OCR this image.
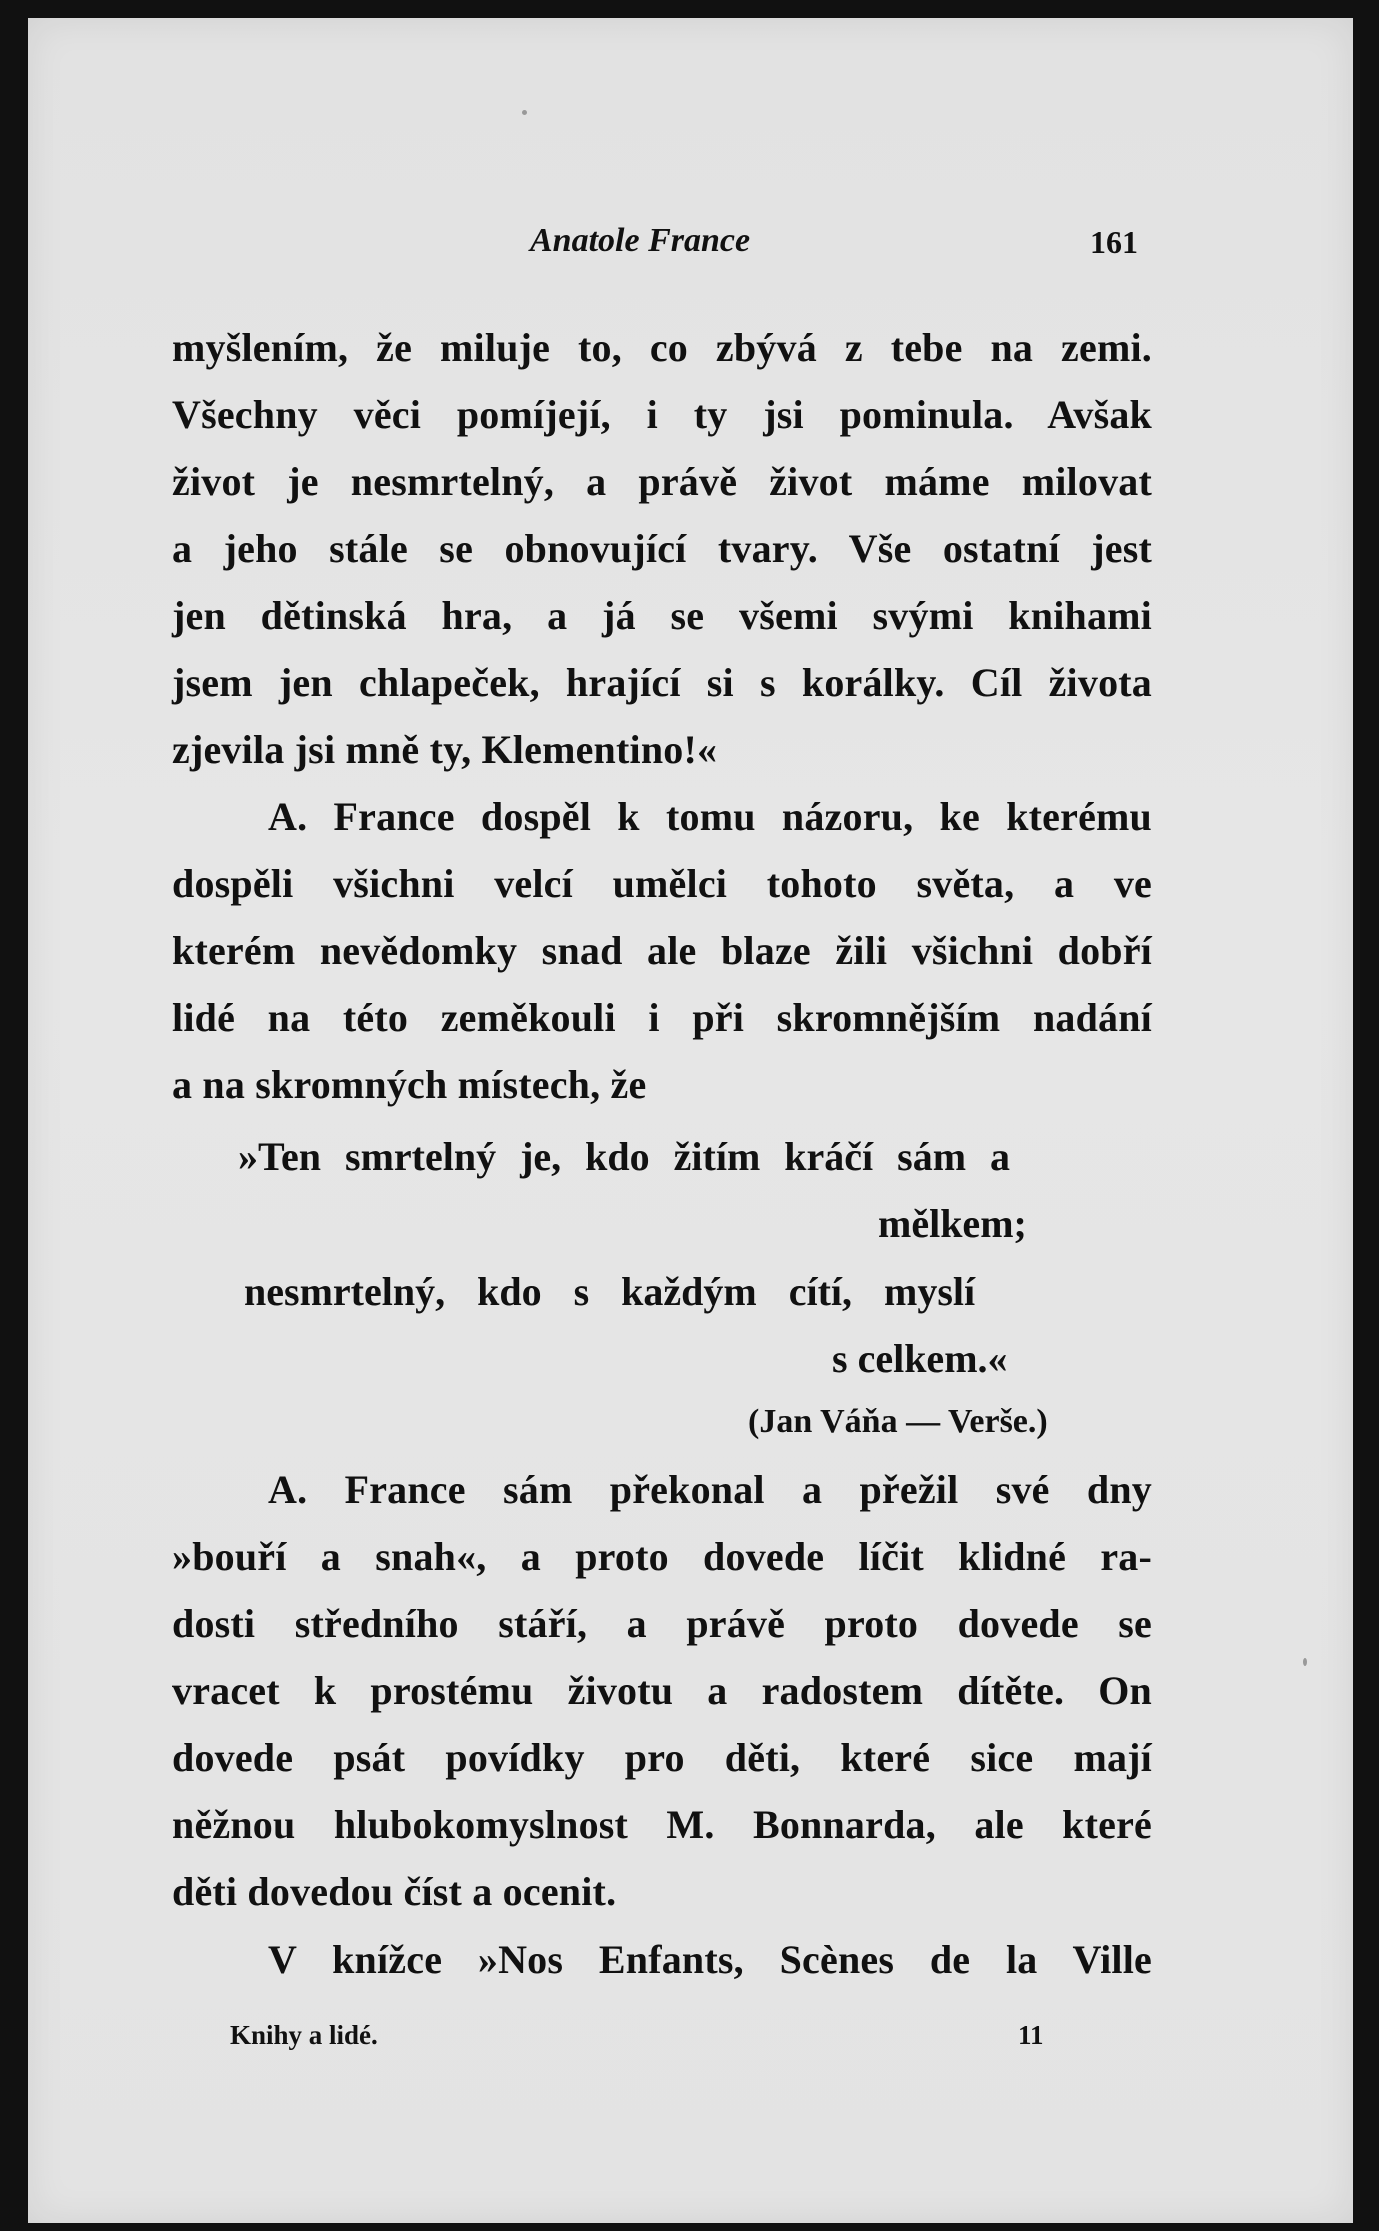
Anatole France	161
myšlením, že miluje to, co zbývá z tebe na zemi.
Všechny věci pomíjejí, i ty jsi pominula. Avšak
život je nesmrtelný, a právě život máme milovat
a jeho stále se obnovující tvary. Vše ostatní jest
jen dětinská hra, a já se všemi svými knihami
jsem jen chlapeček, hrající si s korálky. Cíl života
zjevila jsi mně ty, Klementino!«
A. France dospěl k tomu názoru, ke kterému
dospěli všichni velcí umělci tohoto světa, a ve
kterém nevědomky snad ale blaze žili všichni dobří
lidé na této zeměkouli i při skromnějším nadání
a na skromných místech, že
»Ten smrtelný je, kdo žitím kráčí sám a
mělkem;
nesmrtelný, kdo s každým cítí, myslí
s celkem.«
(Jan Váňa — Verše.)
A. France sám překonal a přežil své dny
»bouří a snah«, a proto dovede líčit klidné ra-
dosti středního stáří, a právě proto dovede se
vracet k prostému životu a radostem dítěte. On
dovede psát povídky pro děti, které sice mají
něžnou hlubokomyslnost M. Bonnarda, ale které
děti dovedou číst a ocenit.
V knížce »Nos Enfants, Scènes de la Ville
Knihy a lidé.	11
